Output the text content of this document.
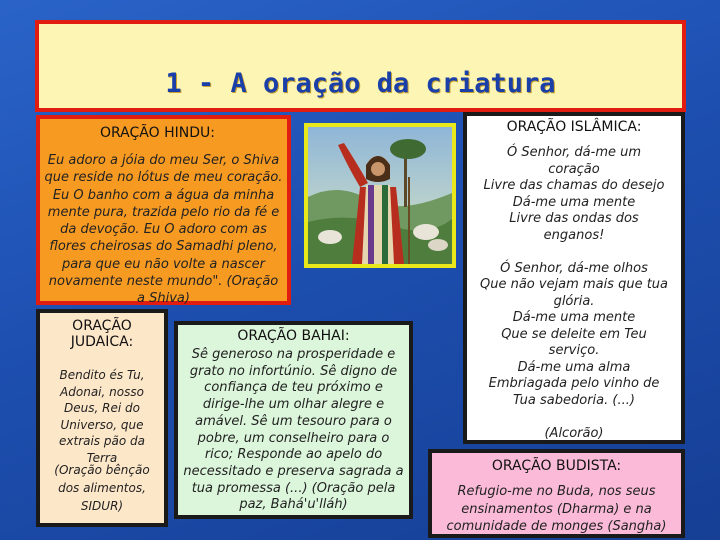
1 - A oração da criatura
ORAÇÃO HINDU:
Eu adoro a jóia do meu Ser, o Shiva que reside no lótus de meu coração. Eu O banho com a água da minha mente pura, trazida pelo rio da fé e da devoção. Eu O adoro com as flores cheirosas do Samadhi pleno, para que eu não volte a nascer novamente neste mundo". (Oração a Shiva)
ORAÇÃO ISLÂMICA:
Ó Senhor, dá-me um
coração
Livre das chamas do desejo
Dá-me uma mente
Livre das ondas dos
enganos!

Ó Senhor, dá-me olhos
Que não vejam mais que tua
glória.
Dá-me uma mente
Que se deleite em Teu
serviço.
Dá-me uma alma
Embriagada pelo vinho de
Tua sabedoria. (...)

(Alcorão)
ORAÇÃO
JUDAICA:
Bendito és Tu, Adonai, nosso Deus, Rei do Universo, que extrais pão da Terra
(Oração bênção dos alimentos, SIDUR)
ORAÇÃO BAHAI:
Sê generoso na prosperidade e grato no infortúnio. Sê digno de confiança de teu próximo e dirige-lhe um olhar alegre e amável. Sê um tesouro para o pobre, um conselheiro para o rico; Responde ao apelo do necessitado e preserva sagrada a tua promessa (...) (Oração pela paz, Bahá'u'lláh)
ORAÇÃO BUDISTA:
Refugio-me no Buda, nos seus ensinamentos (Dharma) e na comunidade de monges (Sangha)
